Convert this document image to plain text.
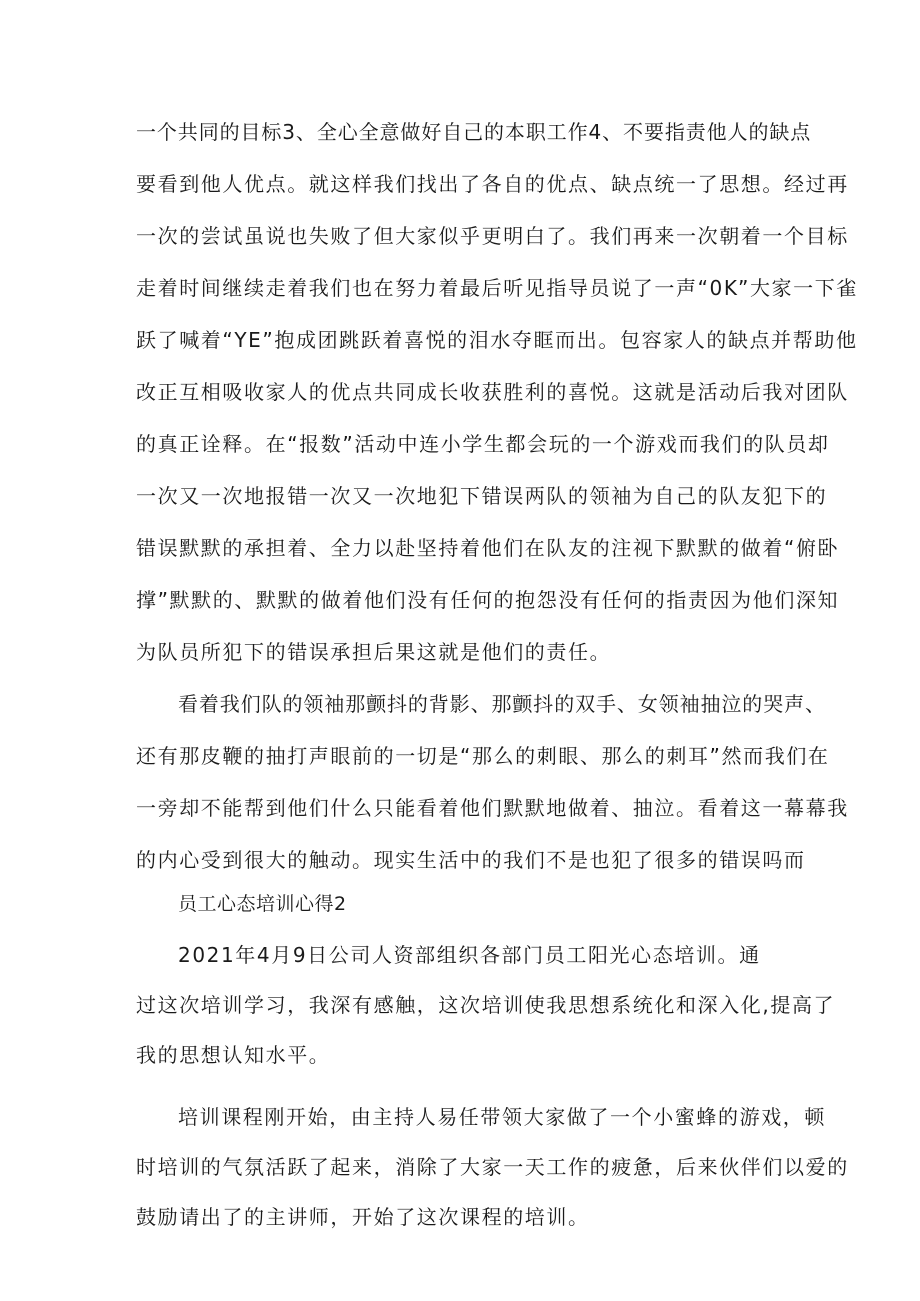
一个共同的目标3、全心全意做好自己的本职工作4、不要指责他人的缺点
要看到他人优点。就这样我们找出了各自的优点、缺点统一了思想。经过再
一次的尝试虽说也失败了但大家似乎更明白了。我们再来一次朝着一个目标
走着时间继续走着我们也在努力着最后听见指导员说了一声“0K”大家一下雀
跃了喊着“YE”抱成团跳跃着喜悦的泪水夺眶而出。包容家人的缺点并帮助他
改正互相吸收家人的优点共同成长收获胜利的喜悦。这就是活动后我对团队
的真正诠释。在“报数”活动中连小学生都会玩的一个游戏而我们的队员却
一次又一次地报错一次又一次地犯下错误两队的领袖为自己的队友犯下的
错误默默的承担着、全力以赴坚持着他们在队友的注视下默默的做着“俯卧
撑”默默的、默默的做着他们没有任何的抱怨没有任何的指责因为他们深知
为队员所犯下的错误承担后果这就是他们的责任。
看着我们队的领袖那颤抖的背影、那颤抖的双手、女领袖抽泣的哭声、
还有那皮鞭的抽打声眼前的一切是“那么的刺眼、那么的刺耳”然而我们在
一旁却不能帮到他们什么只能看着他们默默地做着、抽泣。看着这一幕幕我
的内心受到很大的触动。现实生活中的我们不是也犯了很多的错误吗而
员工心态培训心得2
2021年4月9日公司人资部组织各部门员工阳光心态培训。通
过这次培训学习，我深有感触，这次培训使我思想系统化和深入化,提高了
我的思想认知水平。
培训课程刚开始，由主持人易任带领大家做了一个小蜜蜂的游戏，顿
时培训的气氛活跃了起来，消除了大家一天工作的疲惫，后来伙伴们以爱的
鼓励请出了的主讲师，开始了这次课程的培训。
